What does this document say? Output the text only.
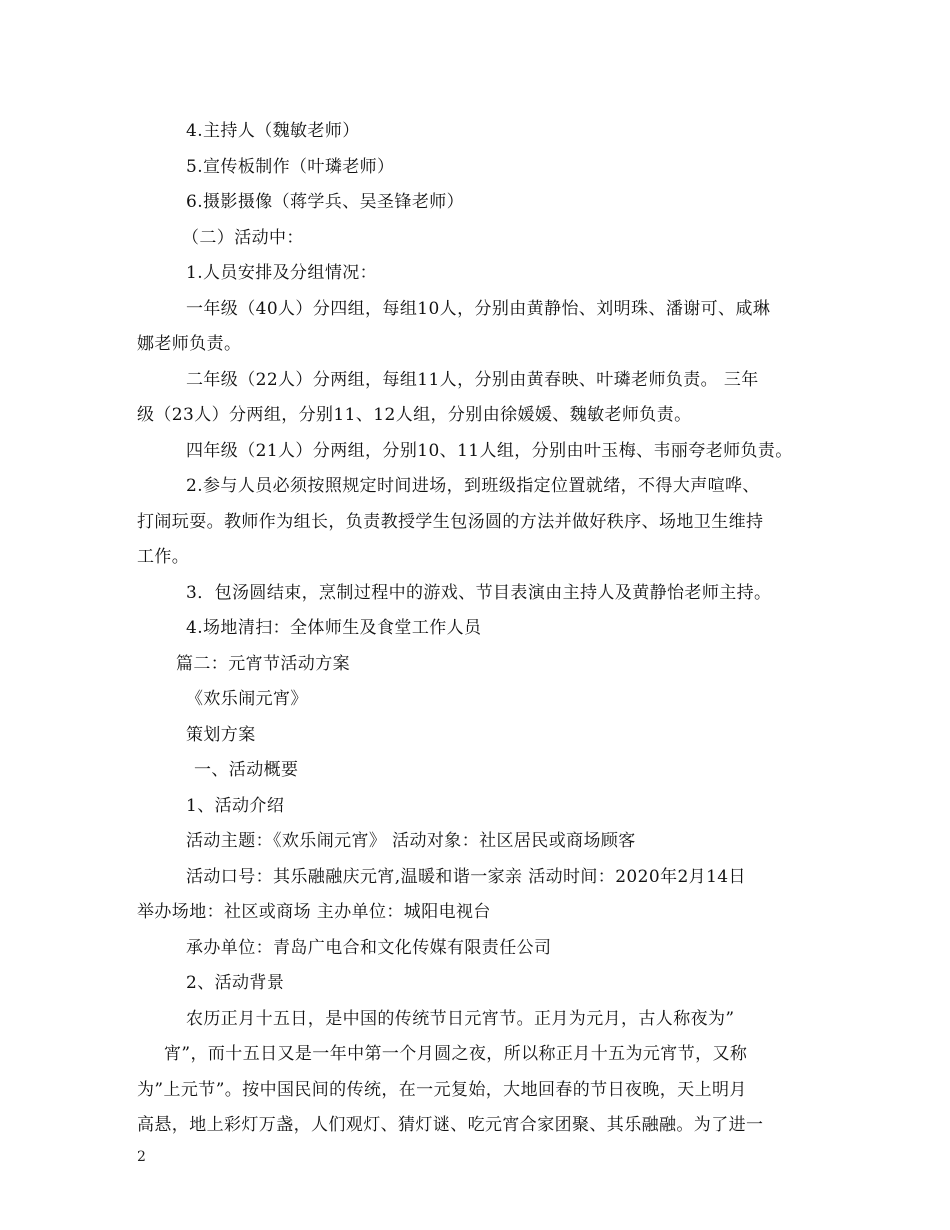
4.主持人（魏敏老师）
5.宣传板制作（叶璘老师）
6.摄影摄像（蒋学兵、吴圣锋老师）
（二）活动中：
1.人员安排及分组情况：
一年级（40人）分四组，每组10人，分别由黄静怡、刘明珠、潘谢可、咸琳
娜老师负责。
二年级（22人）分两组，每组11人，分别由黄春映、叶璘老师负责。 三年
级（23人）分两组，分别11、12人组，分别由徐媛媛、魏敏老师负责。
四年级（21人）分两组，分别10、11人组，分别由叶玉梅、韦丽夸老师负责。
2.参与人员必须按照规定时间进场，到班级指定位置就绪，不得大声喧哗、
打闹玩耍。教师作为组长，负责教授学生包汤圆的方法并做好秩序、场地卫生维持
工作。
3．包汤圆结束，烹制过程中的游戏、节目表演由主持人及黄静怡老师主持。
4.场地清扫：全体师生及食堂工作人员
篇二：元宵节活动方案
《欢乐闹元宵》
策划方案
一、活动概要
1、活动介绍
活动主题：《欢乐闹元宵》 活动对象：社区居民或商场顾客
活动口号：其乐融融庆元宵,温暖和谐一家亲 活动时间：2020年2月14日
举办场地：社区或商场 主办单位：城阳电视台
承办单位：青岛广电合和文化传媒有限责任公司
2、活动背景
农历正月十五日，是中国的传统节日元宵节。正月为元月，古人称夜为”
宵”，而十五日又是一年中第一个月圆之夜，所以称正月十五为元宵节，又称
为”上元节”。按中国民间的传统，在一元复始，大地回春的节日夜晚，天上明月
高悬，地上彩灯万盏，人们观灯、猜灯谜、吃元宵合家团聚、其乐融融。为了进一
2
